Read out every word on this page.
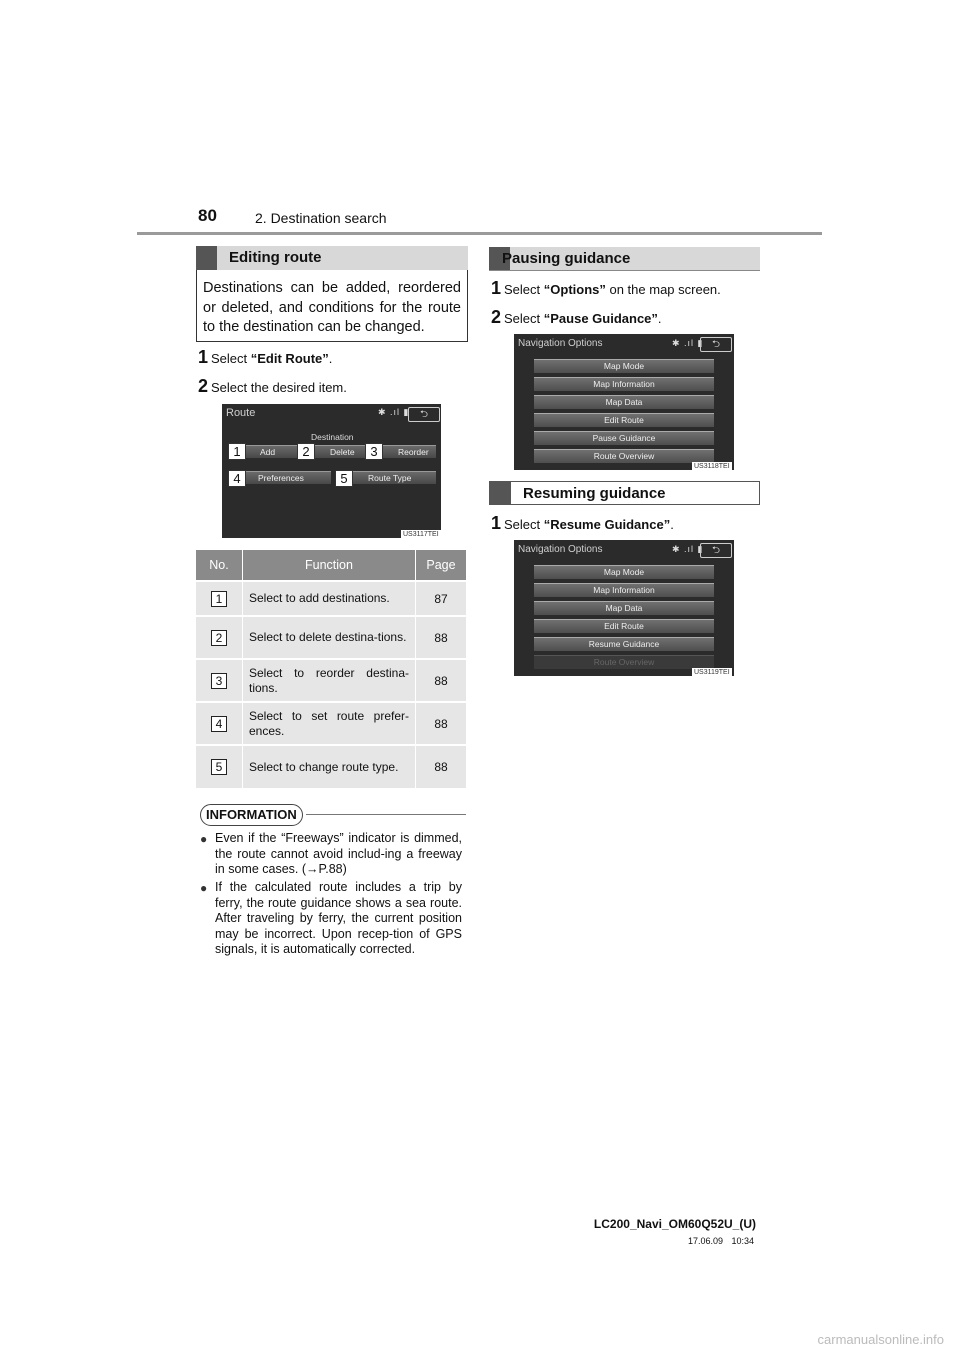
80	2. Destination search
Editing route
Destinations can be added, reordered or deleted, and conditions for the route to the destination can be changed.
1 Select “Edit Route”.
2 Select the desired item.
Route	✱ .ıl ▮	⮌
Destination
Add
1	Delete
2	Reorder
3
Preferences
4	Route Type
5
US3117TEI
No.	Function	Page
1	Select to add destinations.	87
2	Select to delete destina-tions.	88
3	Select to reorder destina-tions.	88
4	Select to set route prefer-ences.	88
5	Select to change route type.	88
INFORMATION
● Even if the “Freeways” indicator is dimmed, the route cannot avoid includ-ing a freeway in some cases. (→P.88)
● If the calculated route includes a trip by ferry, the route guidance shows a sea route. After traveling by ferry, the current position may be incorrect. Upon recep-tion of GPS signals, it is automatically corrected.
Pausing guidance
1 Select “Options” on the map screen.
2 Select “Pause Guidance”.
Navigation Options	✱ .ıl ▮ ⮌
Map Mode
Map Information
Map Data
Edit Route
Pause Guidance
Route Overview
US3118TEI
Resuming guidance
1 Select “Resume Guidance”.
Navigation Options	✱ .ıl ▮ ⮌
Map Mode
Map Information
Map Data
Edit Route
Resume Guidance
Route Overview
US3119TEI
LC200_Navi_OM60Q52U_(U)
17.06.09 10:34
carmanualsonline.info
